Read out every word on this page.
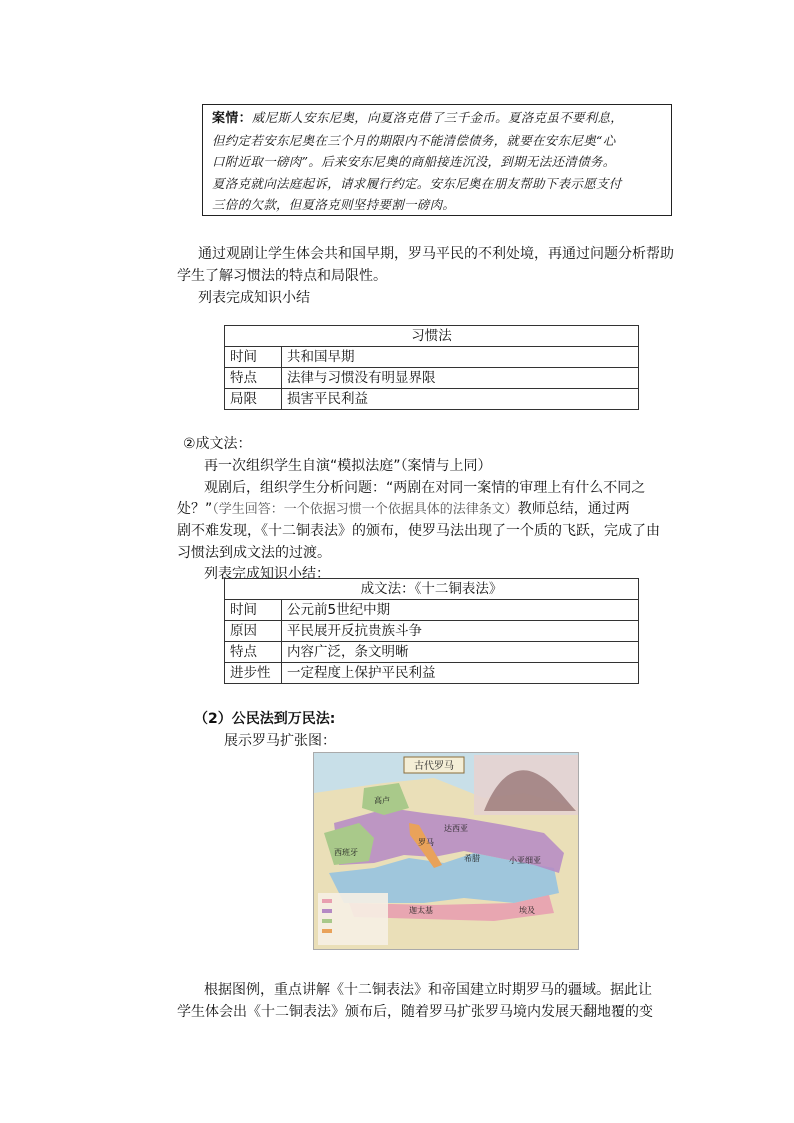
案情：威尼斯人安东尼奥，向夏洛克借了三千金币。夏洛克虽不要利息，
但约定若安东尼奥在三个月的期限内不能清偿债务，就要在安东尼奥“心
口附近取一磅肉”。后来安东尼奥的商船接连沉没，到期无法还清债务。
夏洛克就向法庭起诉，请求履行约定。安东尼奥在朋友帮助下表示愿支付
三倍的欠款，但夏洛克则坚持要割一磅肉。
通过观剧让学生体会共和国早期，罗马平民的不利处境，再通过问题分析帮助
学生了解习惯法的特点和局限性。
列表完成知识小结
习惯法	
时间	共和国早期
特点	法律与习惯没有明显界限
局限	损害平民利益
②成文法：
再一次组织学生自演“模拟法庭”（案情与上同）
观剧后，组织学生分析问题：“两剧在对同一案情的审理上有什么不同之
处？”（学生回答：一个依据习惯一个依据具体的法律条文）教师总结，通过两
剧不难发现，《十二铜表法》的颁布，使罗马法出现了一个质的飞跃，完成了由
习惯法到成文法的过渡。
列表完成知识小结：
成文法：《十二铜表法》	
时间	公元前5世纪中期
原因	平民展开反抗贵族斗争
特点	内容广泛，条文明晰
进步性	一定程度上保护平民利益
（2）公民法到万民法:
展示罗马扩张图：
古代罗马
西班牙
高卢
罗马
达西亚
小亚细亚
埃及
迦太基
希腊
根据图例，重点讲解《十二铜表法》和帝国建立时期罗马的疆域。据此让
学生体会出《十二铜表法》颁布后，随着罗马扩张罗马境内发展天翻地覆的变
